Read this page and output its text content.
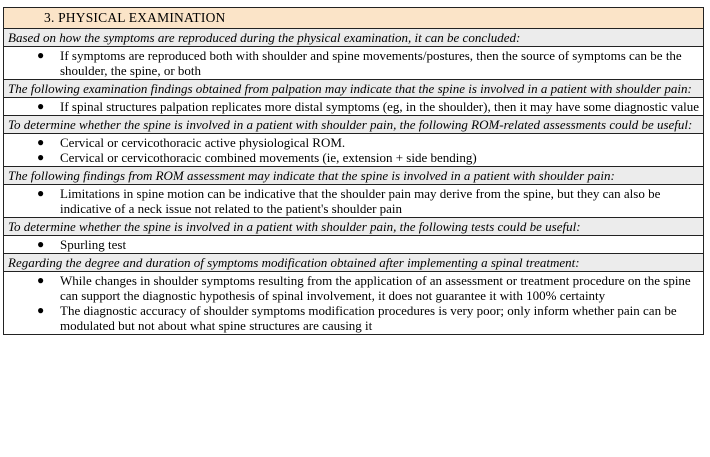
3. PHYSICAL EXAMINATION
Based on how the symptoms are reproduced during the physical examination, it can be concluded:
● If symptoms are reproduced both with shoulder and spine movements/postures, then the source of symptoms can be the shoulder, the spine, or both
The following examination findings obtained from palpation may indicate that the spine is involved in a patient with shoulder pain:
● If spinal structures palpation replicates more distal symptoms (eg, in the shoulder), then it may have some diagnostic value
To determine whether the spine is involved in a patient with shoulder pain, the following ROM-related assessments could be useful:
● Cervical or cervicothoracic active physiological ROM.
● Cervical or cervicothoracic combined movements (ie, extension + side bending)
The following findings from ROM assessment may indicate that the spine is involved in a patient with shoulder pain:
● Limitations in spine motion can be indicative that the shoulder pain may derive from the spine, but they can also be indicative of a neck issue not related to the patient's shoulder pain
To determine whether the spine is involved in a patient with shoulder pain, the following tests could be useful:
● Spurling test
Regarding the degree and duration of symptoms modification obtained after implementing a spinal treatment:
● While changes in shoulder symptoms resulting from the application of an assessment or treatment procedure on the spine can support the diagnostic hypothesis of spinal involvement, it does not guarantee it with 100% certainty
● The diagnostic accuracy of shoulder symptoms modification procedures is very poor; only inform whether pain can be modulated but not about what spine structures are causing it
